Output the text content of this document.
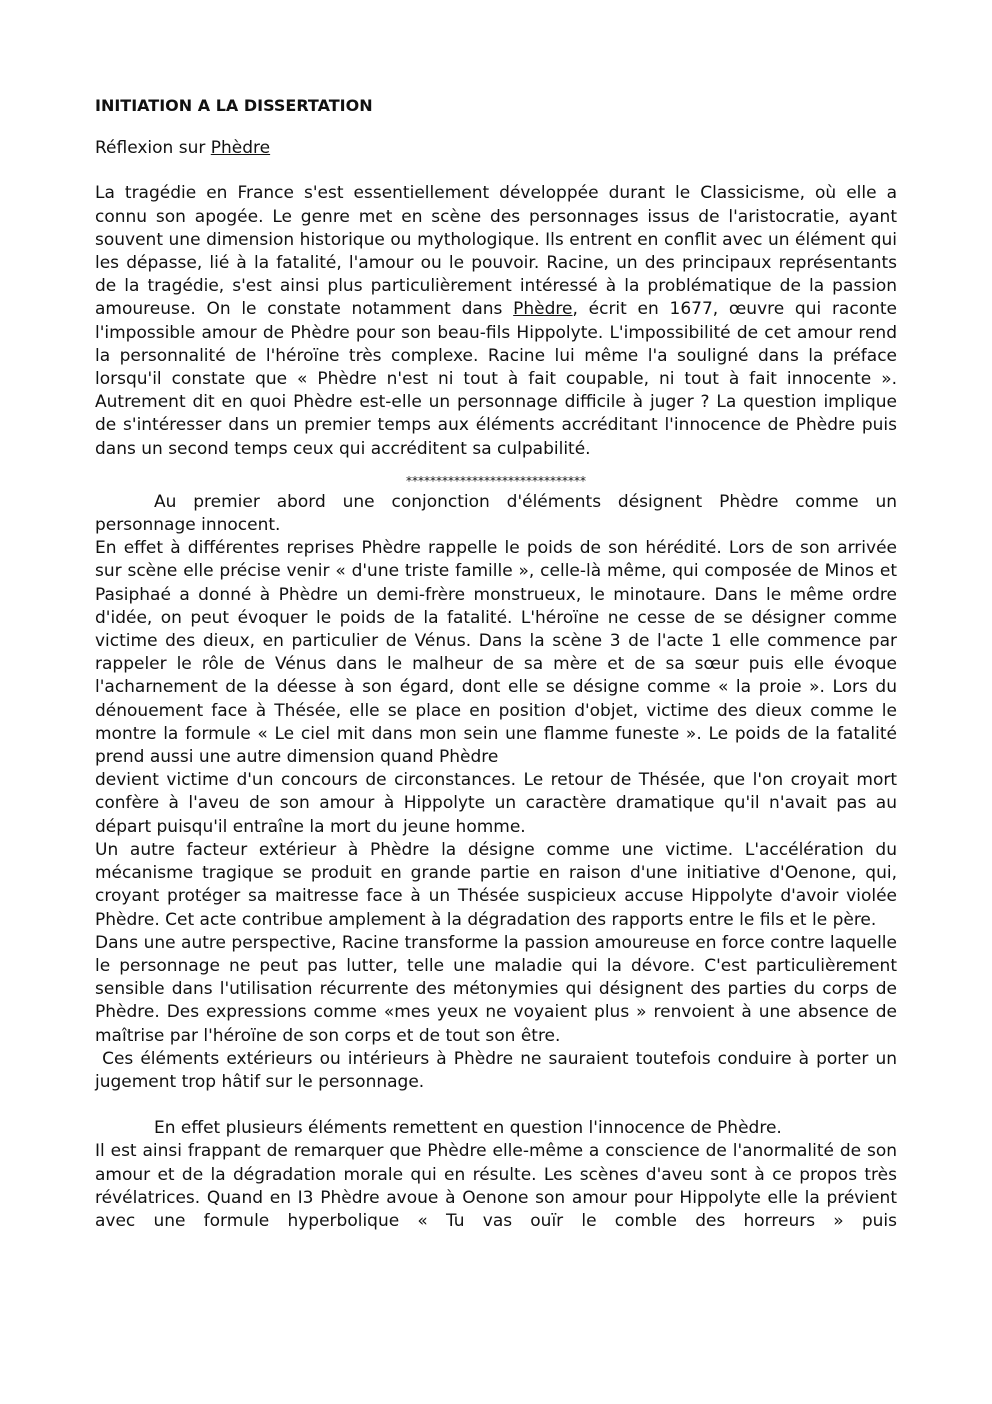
INITIATION A LA DISSERTATION

Réflexion sur Phèdre

La tragédie en France s'est essentiellement développée durant le Classicisme, où elle a connu son apogée. Le genre met en scène des personnages issus de l'aristocratie, ayant souvent une dimension historique ou mythologique. Ils entrent en conflit avec un élément qui les dépasse, lié à la fatalité, l'amour ou le pouvoir. Racine, un des principaux représentants de la tragédie, s'est ainsi plus particulièrement intéressé à la problématique de la passion amoureuse. On le constate notamment dans Phèdre, écrit en 1677, œuvre qui raconte l'impossible amour de Phèdre pour son beau-fils Hippolyte. L'impossibilité de cet amour rend la personnalité de l'héroïne très complexe. Racine lui même l'a souligné dans la préface lorsqu'il constate que « Phèdre n'est ni tout à fait coupable, ni tout à fait innocente ». Autrement dit en quoi Phèdre est-elle un personnage difficile à juger ? La question implique de s'intéresser dans un premier temps aux éléments accréditant l'innocence de Phèdre puis dans un second temps ceux qui accréditent sa culpabilité.

******************************

Au premier abord une conjonction d'éléments désignent Phèdre comme un personnage innocent.

En effet à différentes reprises Phèdre rappelle le poids de son hérédité. Lors de son arrivée sur scène elle précise venir « d'une triste famille », celle-là même, qui composée de Minos et Pasiphaé a donné à Phèdre un demi-frère monstrueux, le minotaure. Dans le même ordre d'idée, on peut évoquer le poids de la fatalité. L'héroïne ne cesse de se désigner comme victime des dieux, en particulier de Vénus. Dans la scène 3 de l'acte 1 elle commence par rappeler le rôle de Vénus dans le malheur de sa mère et de sa sœur puis elle évoque l'acharnement de la déesse à son égard, dont elle se désigne comme « la proie ». Lors du dénouement face à Thésée, elle se place en position d'objet, victime des dieux comme le montre la formule « Le ciel mit dans mon sein une flamme funeste ». Le poids de la fatalité prend aussi une autre dimension quand Phèdre

devient victime d'un concours de circonstances. Le retour de Thésée, que l'on croyait mort confère à l'aveu de son amour à Hippolyte un caractère dramatique qu'il n'avait pas au départ puisqu'il entraîne la mort du jeune homme.

Un autre facteur extérieur à Phèdre la désigne comme une victime. L'accélération du mécanisme tragique se produit en grande partie en raison d'une initiative d'Oenone, qui, croyant protéger sa maitresse face à un Thésée suspicieux accuse Hippolyte d'avoir violée Phèdre. Cet acte contribue amplement à la dégradation des rapports entre le fils et le père.

Dans une autre perspective, Racine transforme la passion amoureuse en force contre laquelle le personnage ne peut pas lutter, telle une maladie qui la dévore. C'est particulièrement sensible dans l'utilisation récurrente des métonymies qui désignent des parties du corps de Phèdre. Des expressions comme «mes yeux ne voyaient plus » renvoient à une absence de maîtrise par l'héroïne de son corps et de tout son être.

Ces éléments extérieurs ou intérieurs à Phèdre ne sauraient toutefois conduire à porter un jugement trop hâtif sur le personnage.

En effet plusieurs éléments remettent en question l'innocence de Phèdre.

Il est ainsi frappant de remarquer que Phèdre elle-même a conscience de l'anormalité de son amour et de la dégradation morale qui en résulte. Les scènes d'aveu sont à ce propos très révélatrices. Quand en I3 Phèdre avoue à Oenone son amour pour Hippolyte elle la prévient avec une formule hyperbolique « Tu vas ouïr le comble des horreurs » puis
